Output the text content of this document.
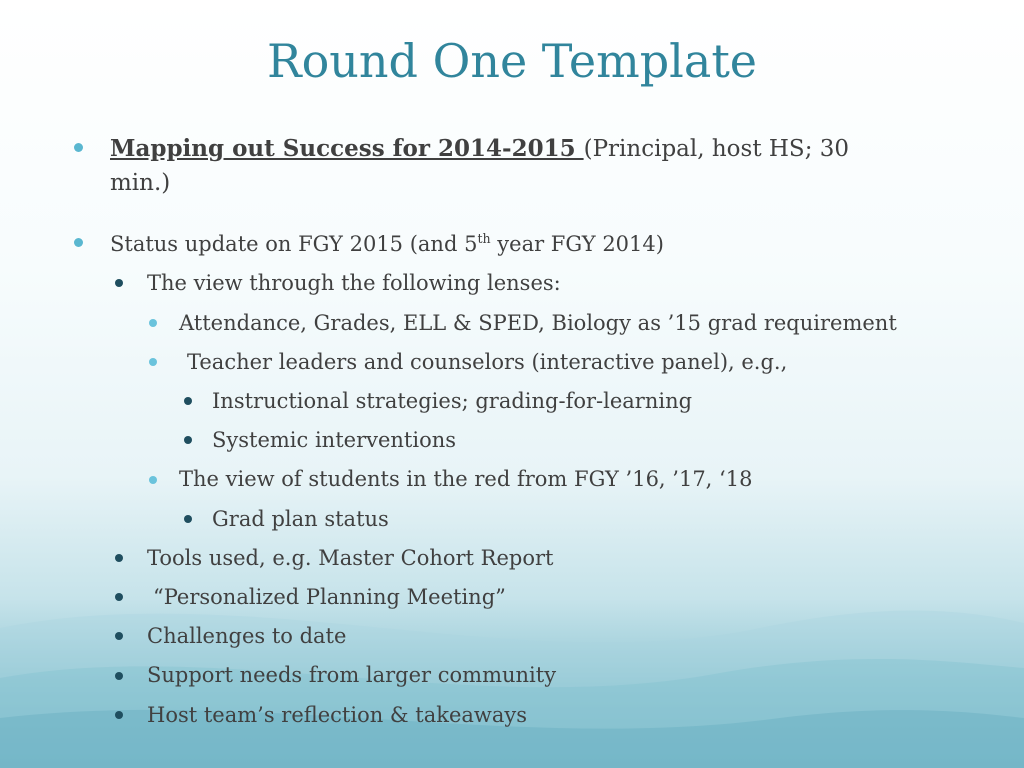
Round One Template
Mapping out Success for 2014-2015 (Principal, host HS; 30
min.)
Status update on FGY 2015 (and 5th year FGY 2014)
The view through the following lenses:
Attendance, Grades, ELL & SPED, Biology as ’15 grad requirement
Teacher leaders and counselors (interactive panel), e.g.,
Instructional strategies; grading-for-learning
Systemic interventions
The view of students in the red from FGY ’16, ’17, ‘18
Grad plan status
Tools used, e.g. Master Cohort Report
“Personalized Planning Meeting”
Challenges to date
Support needs from larger community
Host team’s reflection & takeaways
